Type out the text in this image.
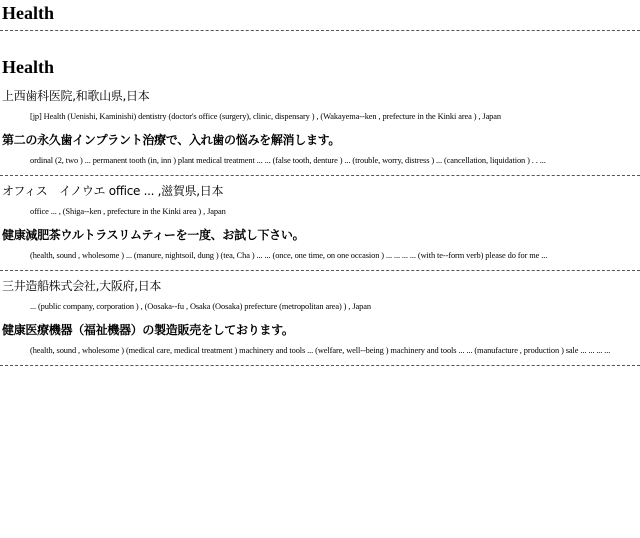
Health
Health

上西歯科医院,和歌山県,日本

[jp] Health (Uenishi, Kaminishi) dentistry (doctor's office (surgery), clinic, dispensary ) , (Wakayema--ken , prefecture in the Kinki area ) , Japan

第二の永久歯インプラント治療で、入れ歯の悩みを解消します。

ordinal (2, two ) ... permanent tooth (in, inn ) plant medical treatment ... ... (false tooth, denture ) ... (trouble, worry, distress ) ... (cancellation, liquidation ) . . ...

オフィス　イノウエ office ... ,滋賀県,日本

office ... , (Shiga--ken , prefecture in the Kinki area ) , Japan

健康減肥茶ウルトラスリムティーを一度、お試し下さい。

(health, sound , wholesome ) ... (manure, nightsoil, dung ) (tea, Cha ) ... ... (once, one time, on one occasion ) ... ... ... ... (with te--form verb) please do for me ...

三井造船株式会社,大阪府,日本

... (public company, corporation ) , (Oosaka--fu , Osaka (Oosaka) prefecture (metropolitan area) ) , Japan

健康医療機器（福祉機器）の製造販売をしております。

(health, sound , wholesome ) (medical care, medical treatment ) machinery and tools ... (welfare, well--being ) machinery and tools ... ... (manufacture , production ) sale ... ... ... ...
